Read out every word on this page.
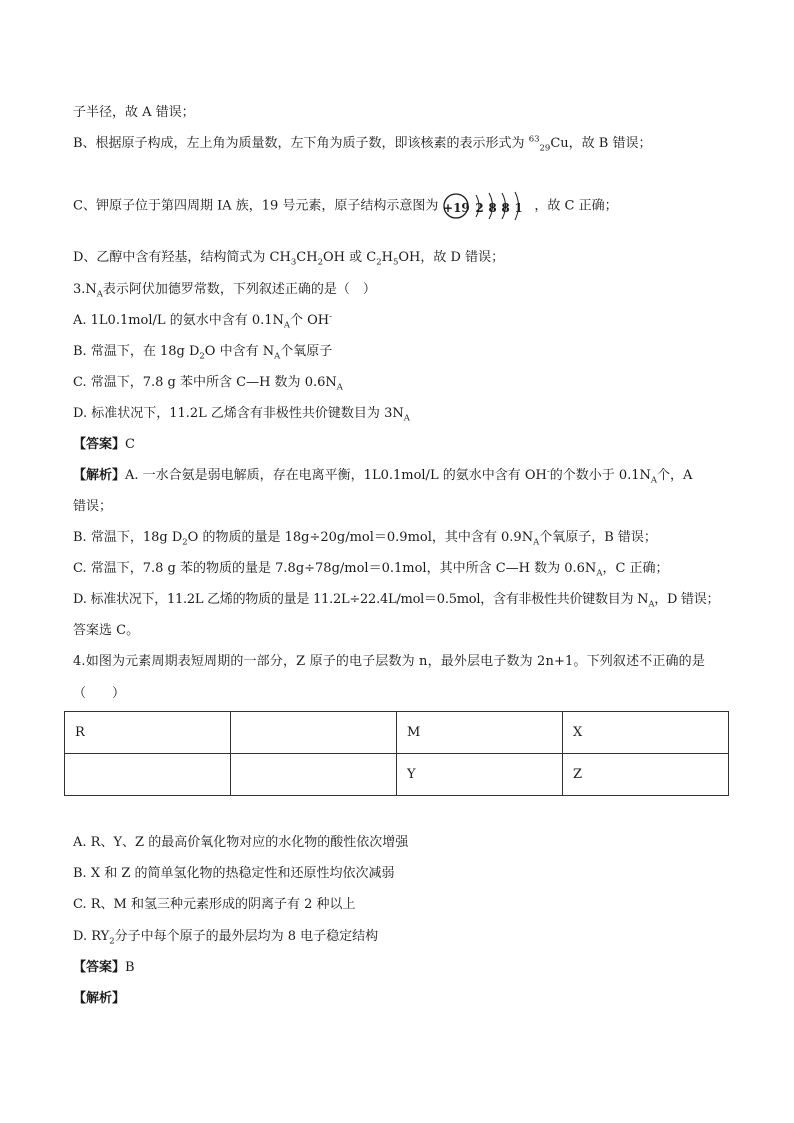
子半径，故 A 错误；
B、根据原子构成，左上角为质量数，左下角为质子数，即该核素的表示形式为 $^{63}_{29}$Cu，故 B 错误；
C、钾原子位于第四周期 IA 族，19 号元素，原子结构示意图为 +19 2 8 8 1 ，故 C 正确；
D、乙醇中含有羟基，结构简式为 $CH_3CH_2OH$ 或 $C_2H_5OH$，故 D 错误；
$3.N_A$表示阿伏加德罗常数，下列叙述正确的是（　）
A. 1L0.1mol/L 的氨水中含有 $0.1N_A$个 OH-
B. 常温下，在 18g $D_2O$ 中含有 $N_A$个氧原子
C. 常温下，7.8 g 苯中所含 C—H 数为 $0.6N_A$
D. 标准状况下，11.2L 乙烯含有非极性共价键数目为 $3N_A$
【答案】C
【解析】A. 一水合氨是弱电解质，存在电离平衡，1L0.1mol/L 的氨水中含有 OH-的个数小于 $0.1N_A$个，A
错误；
B. 常温下，18g $D_2O$ 的物质的量是 18g÷20g/mol＝0.9mol，其中含有 $0.9N_A$个氧原子，B 错误；
C. 常温下，7.8 g 苯的物质的量是 7.8g÷78g/mol＝0.1mol，其中所含 C—H 数为 $0.6N_A$，C 正确；
D. 标准状况下，11.2L 乙烯的物质的量是 11.2L÷22.4L/mol＝0.5mol，含有非极性共价键数目为 $N_A$，D 错误；
答案选 C。
4.如图为元素周期表短周期的一部分，Z 原子的电子层数为 n，最外层电子数为 2n+1。下列叙述不正确的是
（　　）
R		M	X
		Y	Z
A. R、Y、Z 的最高价氧化物对应的水化物的酸性依次增强
B. X 和 Z 的简单氢化物的热稳定性和还原性均依次减弱
C. R、M 和氢三种元素形成的阴离子有 2 种以上
D. $RY_2$分子中每个原子的最外层均为 8 电子稳定结构
【答案】B
【解析】
